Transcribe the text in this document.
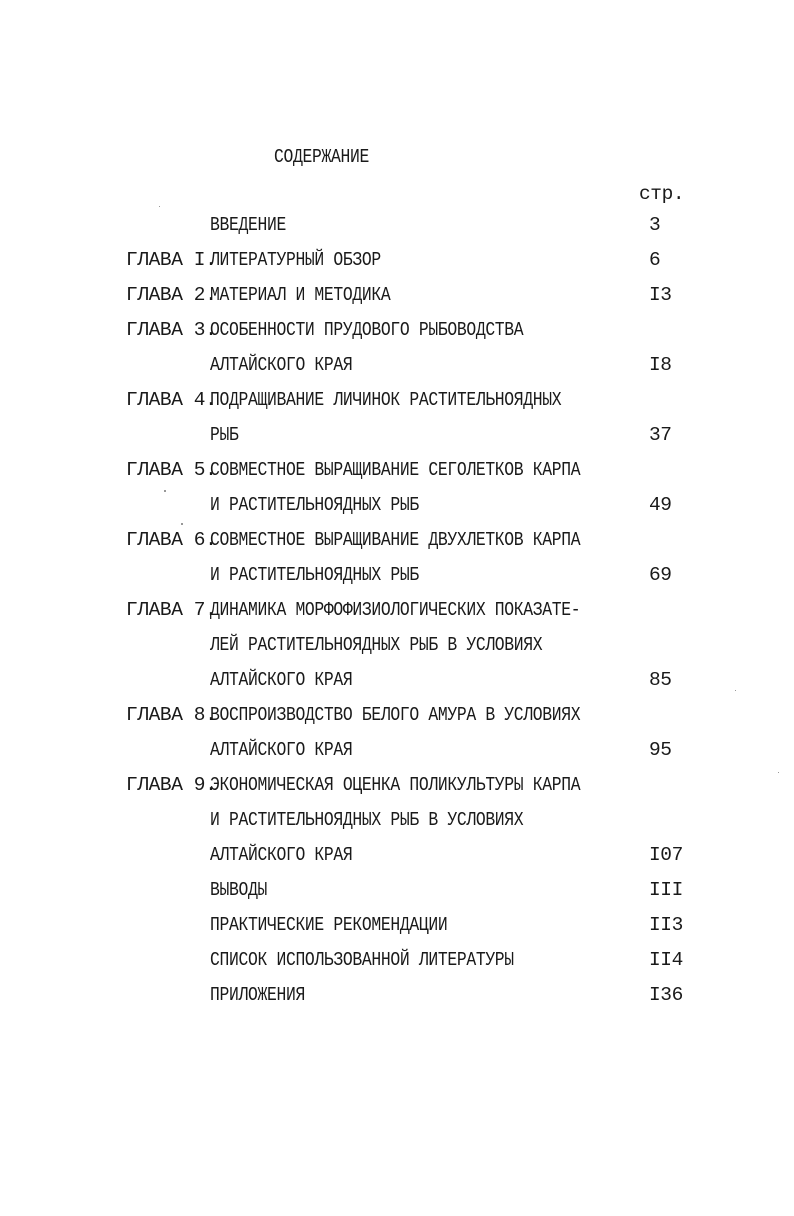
СОДЕРЖАНИЕ
стр.
ВВЕДЕНИЕ	3
ГЛАВА I.
ЛИТЕРАТУРНЫЙ ОБЗОР	6
ГЛАВА 2.
МАТЕРИАЛ И МЕТОДИКА	I3
ГЛАВА 3.
ОСОБЕННОСТИ ПРУДОВОГО РЫБОВОДСТВА
АЛТАЙСКОГО КРАЯ	I8
ГЛАВА 4.
ПОДРАЩИВАНИЕ ЛИЧИНОК РАСТИТЕЛЬНОЯДНЫХ
РЫБ	37
ГЛАВА 5.
СОВМЕСТНОЕ ВЫРАЩИВАНИЕ СЕГОЛЕТКОВ КАРПА
И РАСТИТЕЛЬНОЯДНЫХ РЫБ	49
ГЛАВА 6.
СОВМЕСТНОЕ ВЫРАЩИВАНИЕ ДВУХЛЕТКОВ КАРПА
И РАСТИТЕЛЬНОЯДНЫХ РЫБ	69
ГЛАВА 7.
ДИНАМИКА МОРФОФИЗИОЛОГИЧЕСКИХ ПОКАЗАТЕ-
ЛЕЙ РАСТИТЕЛЬНОЯДНЫХ РЫБ В УСЛОВИЯХ
АЛТАЙСКОГО КРАЯ	85
ГЛАВА 8.
ВОСПРОИЗВОДСТВО БЕЛОГО АМУРА В УСЛОВИЯХ
АЛТАЙСКОГО КРАЯ	95
ГЛАВА 9.
ЭКОНОМИЧЕСКАЯ ОЦЕНКА ПОЛИКУЛЬТУРЫ КАРПА
И РАСТИТЕЛЬНОЯДНЫХ РЫБ В УСЛОВИЯХ
АЛТАЙСКОГО КРАЯ	I07
ВЫВОДЫ	III
ПРАКТИЧЕСКИЕ РЕКОМЕНДАЦИИ	II3
СПИСОК ИСПОЛЬЗОВАННОЙ ЛИТЕРАТУРЫ	II4
ПРИЛОЖЕНИЯ	I36
